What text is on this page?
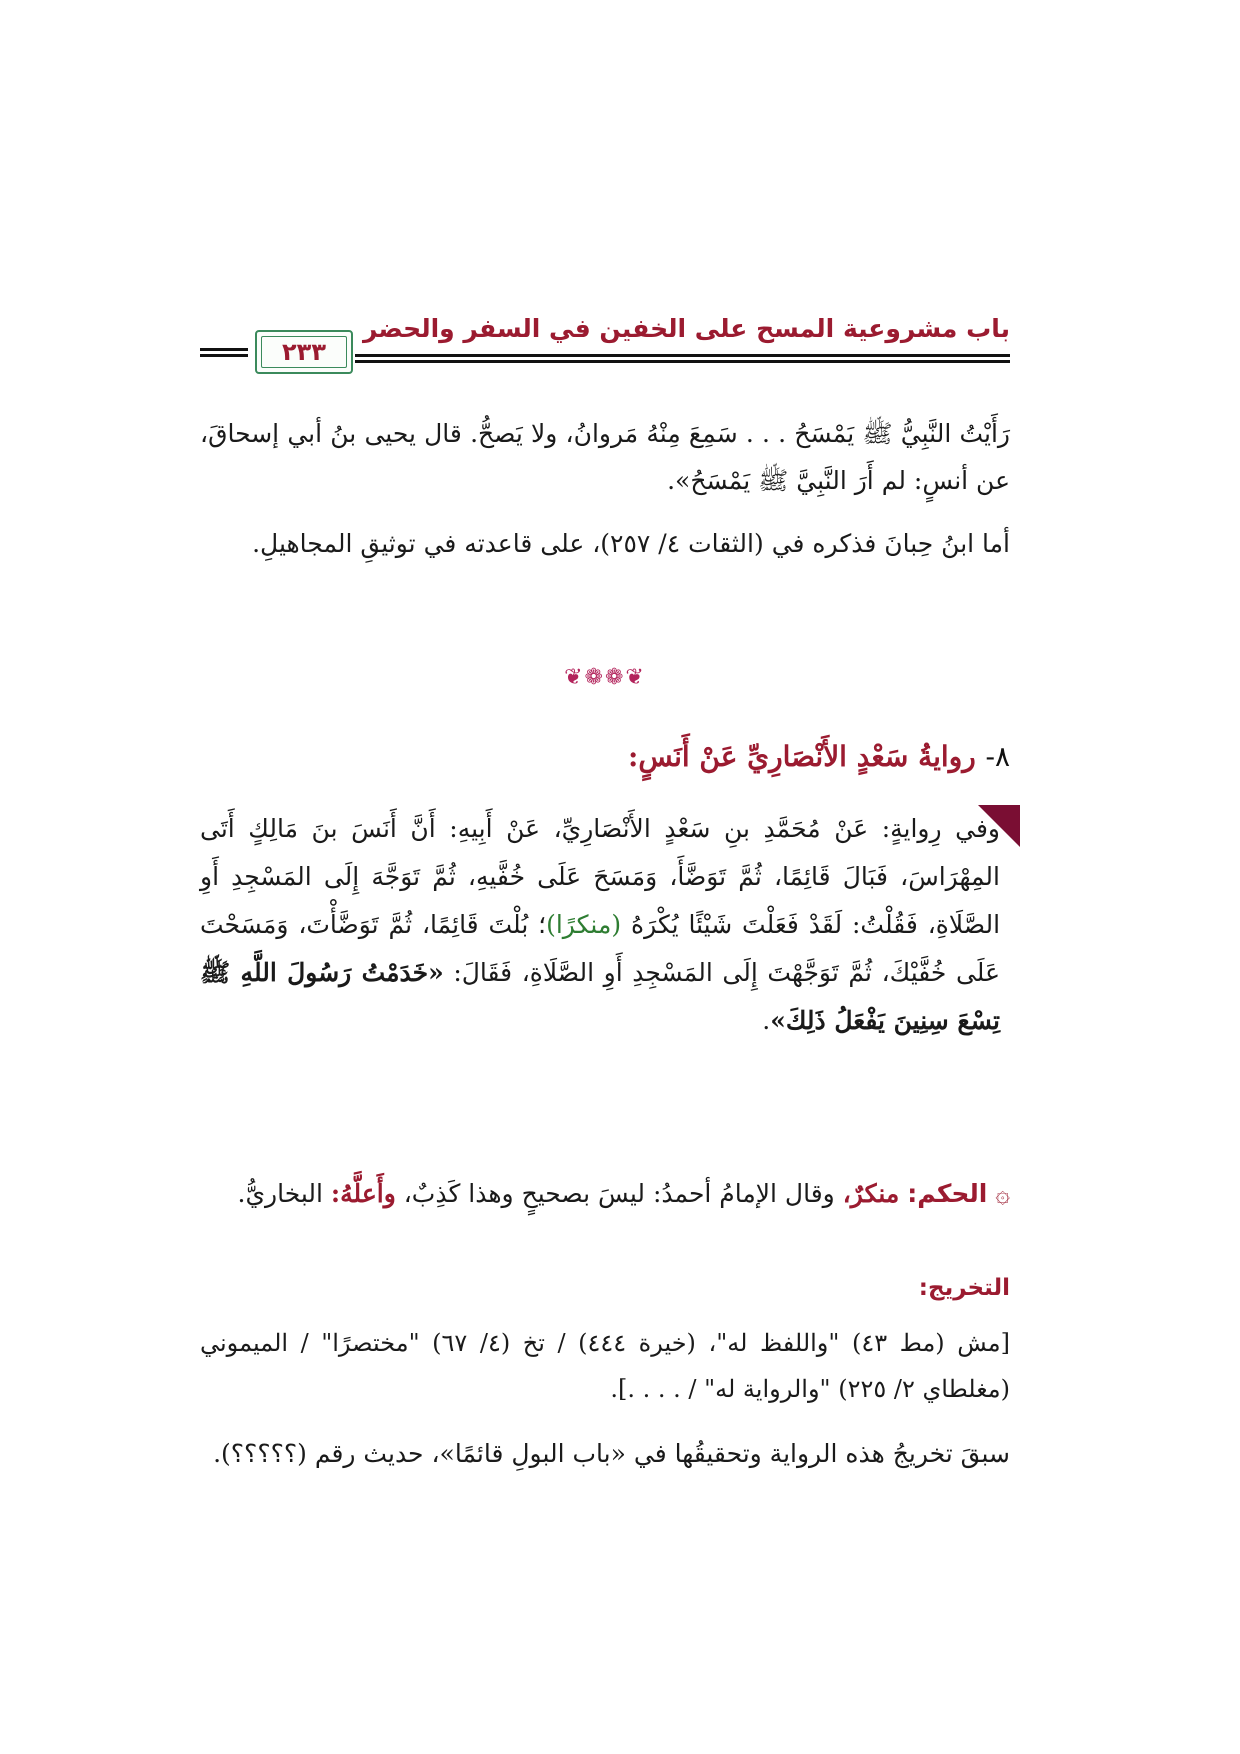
باب مشروعية المسح على الخفين في السفر والحضر
٢٣٣
رَأَيْتُ النَّبِيُّ ﷺ يَمْسَحُ . . . سَمِعَ مِنْهُ مَروانُ، ولا يَصحُّ. قال يحيى بنُ أبي إسحاقَ، عن أنسٍ: لم أَرَ النَّبِيَّ ﷺ يَمْسَحُ».
أما ابنُ حِبانَ فذكره في (الثقات ٤/ ٢٥٧)، على قاعدته في توثيقِ المجاهيلِ.
❦❁❁❦
٨- روايةُ سَعْدٍ الأَنْصَارِيِّ عَنْ أَنَسٍ:
وفي رِوايةٍ: عَنْ مُحَمَّدِ بنِ سَعْدٍ الأَنْصَارِيِّ، عَنْ أَبِيهِ: أَنَّ أَنَسَ بنَ مَالِكٍ أَتَى المِهْرَاسَ، فَبَالَ قَائِمًا، ثُمَّ تَوَضَّأَ، وَمَسَحَ عَلَى خُفَّيهِ، ثُمَّ تَوَجَّهَ إِلَى المَسْجِدِ أَوِ الصَّلَاةِ، فَقُلْتُ: لَقَدْ فَعَلْتَ شَيْئًا يُكْرَهُ (منكرًا)؛ بُلْتَ قَائِمًا، ثُمَّ تَوَضَّأْتَ، وَمَسَحْتَ عَلَى خُفَّيْكَ، ثُمَّ تَوَجَّهْتَ إِلَى المَسْجِدِ أَوِ الصَّلَاةِ، فَقَالَ: «خَدَمْتُ رَسُولَ اللَّهِ ﷺ تِسْعَ سِنِينَ يَفْعَلُ ذَلِكَ».
۞ الحكم: منكرٌ، وقال الإمامُ أحمدُ: ليسَ بصحيحٍ وهذا كَذِبٌ، وأَعلَّهُ: البخاريُّ.
التخريج:
[مش (مط ٤٣) "واللفظ له"، (خيرة ٤٤٤) / تخ (٤/ ٦٧) "مختصرًا" / الميموني (مغلطاي ٢/ ٢٢٥) "والرواية له" / . . . .].
سبقَ تخريجُ هذه الرواية وتحقيقُها في «باب البولِ قائمًا»، حديث رقم (؟؟؟؟؟).
